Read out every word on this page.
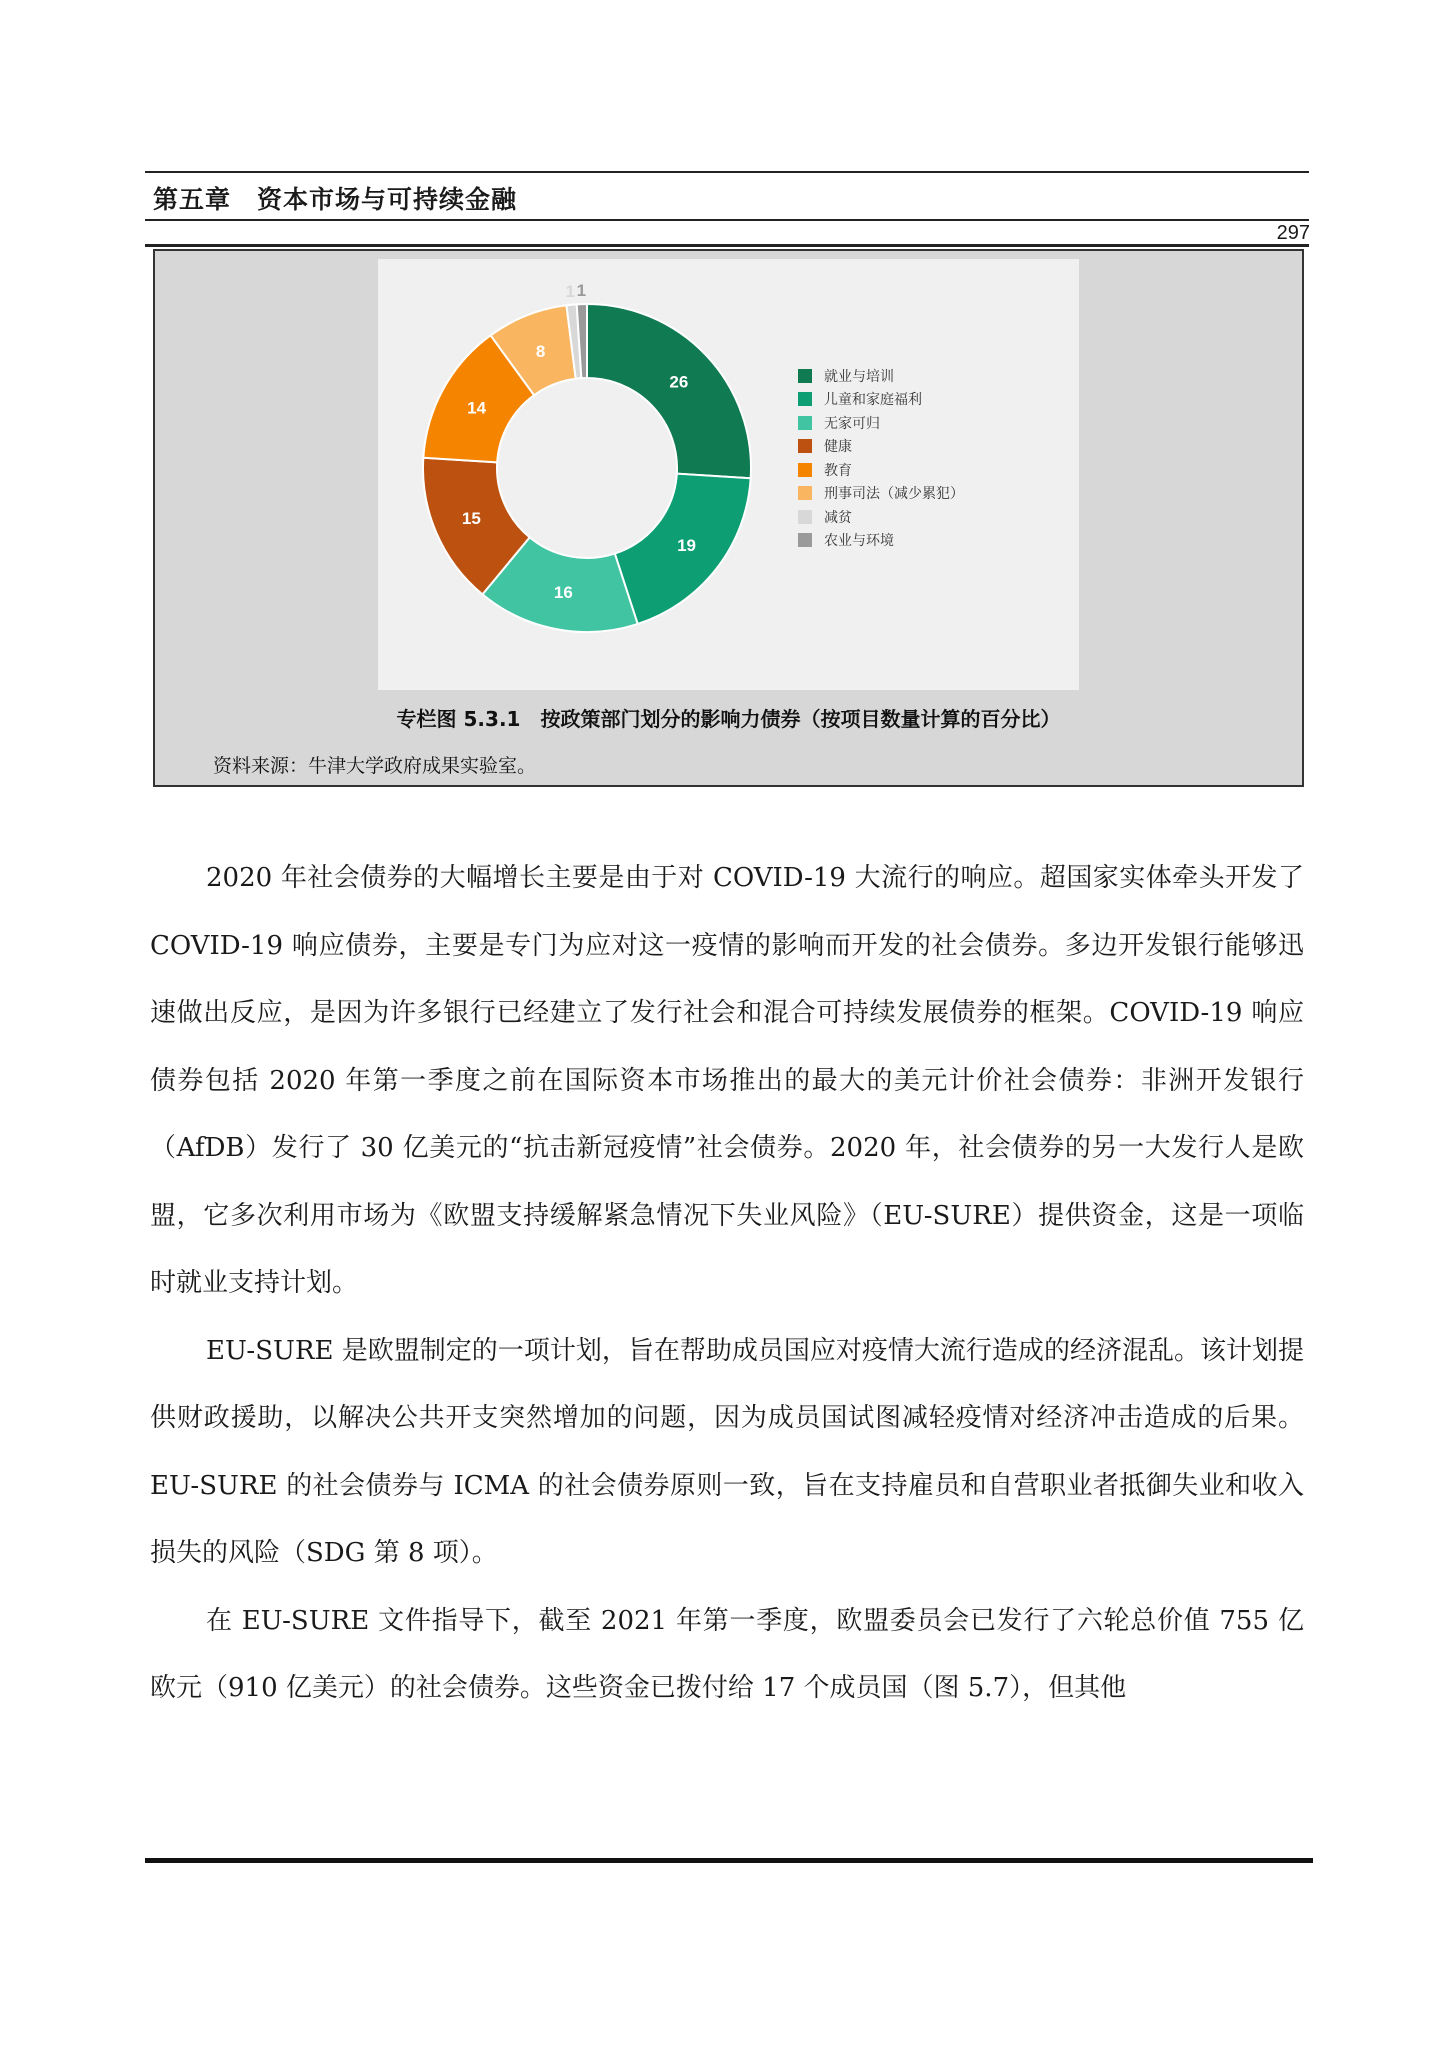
第五章　资本市场与可持续金融
297
26
19
16
15
14
8
1 1
就业与培训
儿童和家庭福利
无家可归
健康
教育
刑事司法（减少累犯）
减贫
农业与环境
专栏图 5.3.1　按政策部门划分的影响力债券（按项目数量计算的百分比）
资料来源：牛津大学政府成果实验室。

2020 年社会债券的大幅增长主要是由于对 COVID-19 大流行的响应。超国家实体牵头开发了 COVID-19 响应债券，主要是专门为应对这一疫情的影响而开发的社会债券。多边开发银行能够迅速做出反应，是因为许多银行已经建立了发行社会和混合可持续发展债券的框架。COVID-19 响应债券包括 2020 年第一季度之前在国际资本市场推出的最大的美元计价社会债券：非洲开发银行（AfDB）发行了 30 亿美元的“抗击新冠疫情”社会债券。2020 年，社会债券的另一大发行人是欧盟，它多次利用市场为《欧盟支持缓解紧急情况下失业风险》（EU-SURE）提供资金，这是一项临时就业支持计划。

EU-SURE 是欧盟制定的一项计划，旨在帮助成员国应对疫情大流行造成的经济混乱。该计划提供财政援助，以解决公共开支突然增加的问题，因为成员国试图减轻疫情对经济冲击造成的后果。EU-SURE 的社会债券与 ICMA 的社会债券原则一致，旨在支持雇员和自营职业者抵御失业和收入损失的风险（SDG 第 8 项）。

在 EU-SURE 文件指导下，截至 2021 年第一季度，欧盟委员会已发行了六轮总价值 755 亿欧元（910 亿美元）的社会债券。这些资金已拨付给 17 个成员国（图 5.7），但其他
